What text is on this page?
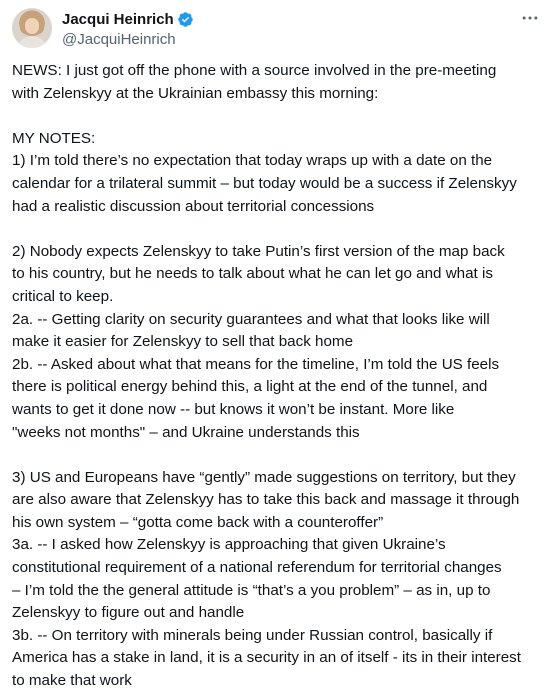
Jacqui Heinrich
@JacquiHeinrich
NEWS: I just got off the phone with a source involved in the pre-meeting
with Zelenskyy at the Ukrainian embassy this morning:
MY NOTES:
1) I’m told there’s no expectation that today wraps up with a date on the
calendar for a trilateral summit – but today would be a success if Zelenskyy
had a realistic discussion about territorial concessions
2) Nobody expects Zelenskyy to take Putin’s first version of the map back
to his country, but he needs to talk about what he can let go and what is
critical to keep.
2a. -- Getting clarity on security guarantees and what that looks like will
make it easier for Zelenskyy to sell that back home
2b. -- Asked about what that means for the timeline, I’m told the US feels
there is political energy behind this, a light at the end of the tunnel, and
wants to get it done now -- but knows it won’t be instant. More like
"weeks not months" – and Ukraine understands this
3) US and Europeans have “gently” made suggestions on territory, but they
are also aware that Zelenskyy has to take this back and massage it through
his own system – “gotta come back with a counteroffer”
3a. -- I asked how Zelenskyy is approaching that given Ukraine’s
constitutional requirement of a national referendum for territorial changes
– I’m told the the general attitude is “that’s a you problem” – as in, up to
Zelenskyy to figure out and handle
3b. -- On territory with minerals being under Russian control, basically if
America has a stake in land, it is a security in an of itself - its in their interest
to make that work
